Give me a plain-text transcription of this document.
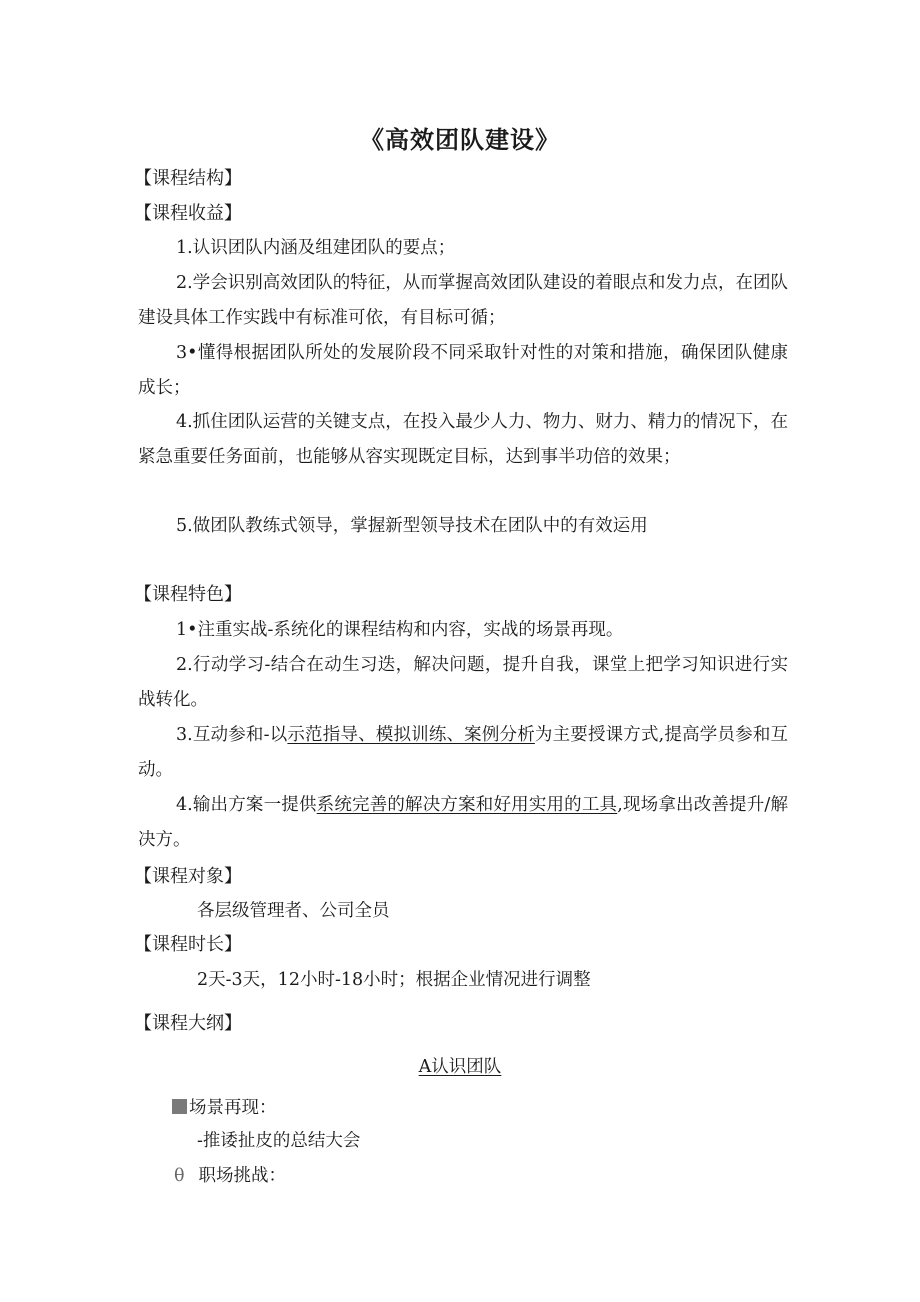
《高效团队建设》
【课程结构】
【课程收益】

1.认识团队内涵及组建团队的要点；

2.学会识别高效团队的特征，从而掌握高效团队建设的着眼点和发力点，在团队建设具体工作实践中有标准可依，有目标可循；

3•懂得根据团队所处的发展阶段不同采取针对性的对策和措施，确保团队健康成长；

4.抓住团队运营的关键支点，在投入最少人力、物力、财力、精力的情况下，在紧急重要任务面前，也能够从容实现既定目标，达到事半功倍的效果；

5.做团队教练式领导，掌握新型领导技术在团队中的有效运用

【课程特色】

1•注重实战-系统化的课程结构和内容，实战的场景再现。

2.行动学习-结合在动生习迭，解决问题，提升自我，课堂上把学习知识进行实战转化。

3.互动参和-以示范指导、模拟训练、案例分析为主要授课方式,提高学员参和互动。

4.输出方案一提供系统完善的解决方案和好用实用的工具,现场拿出改善提升/解决方。

【课程对象】
各层级管理者、公司全员
【课程时长】
2天-3天，12小时-18小时；根据企业情况进行调整
【课程大纲】
A认识团队
场景再现：
-推诿扯皮的总结大会
θ 职场挑战：
